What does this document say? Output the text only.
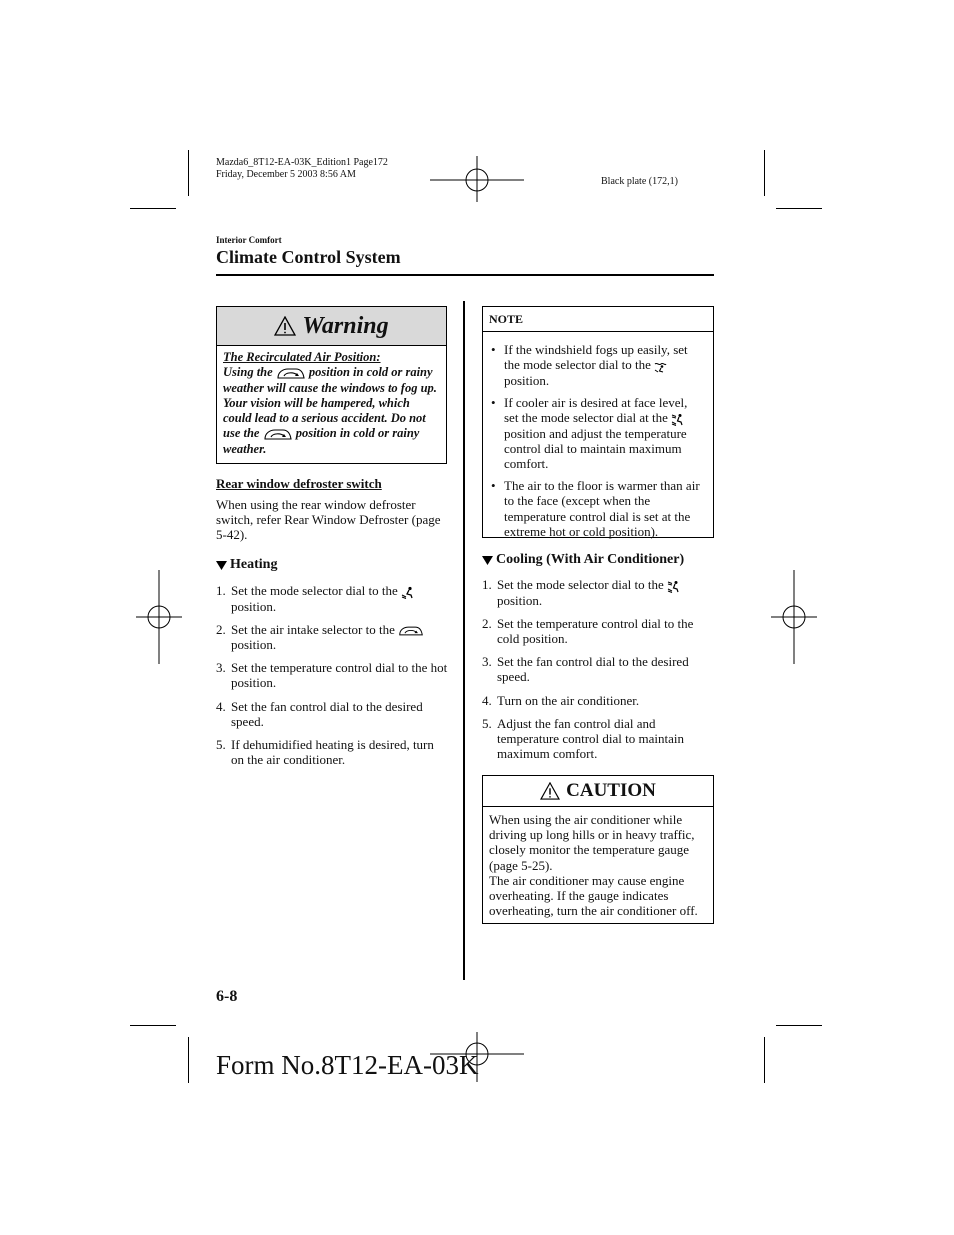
Mazda6_8T12-EA-03K_Edition1 Page172
Friday, December 5 2003 8:56 AM
Black plate (172,1)
Interior Comfort
Climate Control System
Warning
The Recirculated Air Position:
Using the	position in cold or rainy weather will cause the windows to fog up. Your vision will be hampered, which could lead to a serious accident. Do not use the	position in cold or rainy weather.
Rear window defroster switch
When using the rear window defroster switch, refer Rear Window Defroster (page 5-42).
Heating
1. Set the mode selector dial to the
position.
2. Set the air intake selector to the
position.
3. Set the temperature control dial to the hot position.
4. Set the fan control dial to the desired speed.
5. If dehumidified heating is desired, turn on the air conditioner.
NOTE
• If the windshield fogs up easily, set the mode selector dial to the  position.
• If cooler air is desired at face level, set the mode selector dial at the  position and adjust the temperature control dial to maintain maximum comfort.
• The air to the floor is warmer than air to the face (except when the temperature control dial is set at the extreme hot or cold position).
Cooling (With Air Conditioner)
1. Set the mode selector dial to the
position.
2. Set the temperature control dial to the cold position.
3. Set the fan control dial to the desired speed.
4. Turn on the air conditioner.
5. Adjust the fan control dial and temperature control dial to maintain maximum comfort.
CAUTION
When using the air conditioner while driving up long hills or in heavy traffic, closely monitor the temperature gauge (page 5-25).
The air conditioner may cause engine overheating. If the gauge indicates overheating, turn the air conditioner off.
6-8
Form No.8T12-EA-03K
